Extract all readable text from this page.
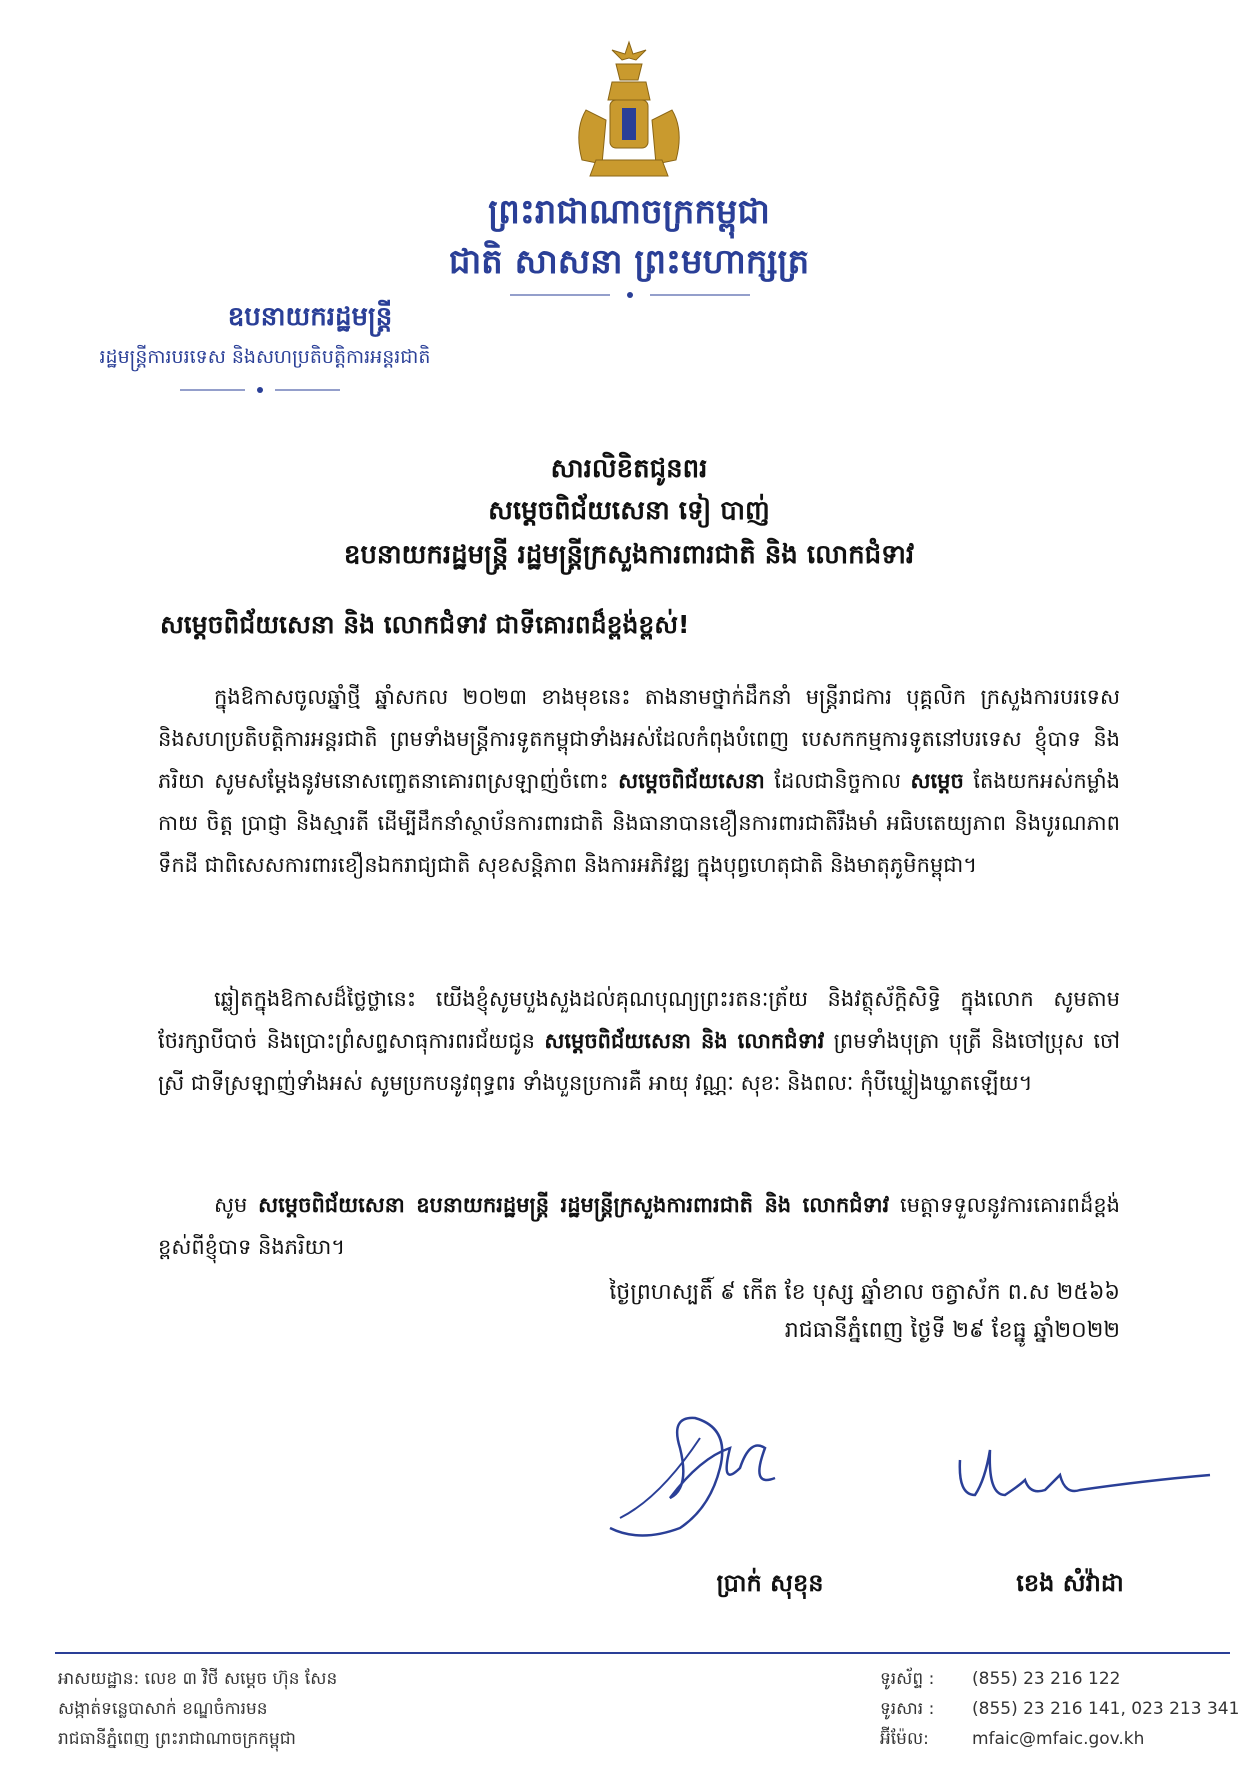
ព្រះរាជាណាចក្រកម្ពុជា
ជាតិ សាសនា ព្រះមហាក្សត្រ
ឧបនាយករដ្ឋមន្ត្រី
រដ្ឋមន្ត្រីការបរទេស និងសហប្រតិបត្តិការអន្តរជាតិ
សារលិខិតជូនពរ
សម្តេចពិជ័យសេនា ទៀ បាញ់
ឧបនាយករដ្ឋមន្ត្រី រដ្ឋមន្ត្រីក្រសួងការពារជាតិ និង លោកជំទាវ
សម្តេចពិជ័យសេនា និង លោកជំទាវ ជាទីគោរពដ៏ខ្ពង់ខ្ពស់!
ក្នុងឱកាសចូលឆ្នាំថ្មី ឆ្នាំសកល ២០២៣ ខាងមុខនេះ តាងនាមថ្នាក់ដឹកនាំ មន្ត្រីរាជការ បុគ្គលិក ក្រសួងការបរទេស និងសហប្រតិបត្តិការអន្តរជាតិ ព្រមទាំងមន្ត្រីការទូតកម្ពុជាទាំងអស់ដែលកំពុងបំពេញ បេសកកម្មការទូតនៅបរទេស ខ្ញុំបាទ និងភរិយា សូមសម្តែងនូវមនោសញ្ចេតនាគោរពស្រឡាញ់ចំពោះ សម្តេចពិជ័យសេនា ដែលជានិច្ចកាល សម្តេច តែងយកអស់កម្លាំងកាយ ចិត្ត ប្រាជ្ញា និងស្មារតី ដើម្បីដឹកនាំស្ថាប័នការពារជាតិ និងធានាបានខឿនការពារជាតិរឹងមាំ អធិបតេយ្យភាព និងបូរណភាពទឹកដី ជាពិសេសការពារខឿនឯករាជ្យជាតិ សុខសន្តិភាព និងការអភិវឌ្ឍ ក្នុងបុព្វហេតុជាតិ និងមាតុភូមិកម្ពុជា។
ឆ្លៀតក្នុងឱកាសដ៏ថ្លៃថ្លានេះ យើងខ្ញុំសូមបួងសួងដល់គុណបុណ្យព្រះរតនៈត្រ័យ និងវត្ថុស័ក្តិសិទ្ធិ ក្នុងលោក សូមតាមថែរក្សាបីបាច់ និងប្រោះព្រំសព្ទសាធុការពរជ័យជូន សម្តេចពិជ័យសេនា និង លោកជំទាវ ព្រមទាំងបុត្រា បុត្រី និងចៅប្រុស ចៅស្រី ជាទីស្រឡាញ់ទាំងអស់ សូមប្រកបនូវពុទ្ធពរ ទាំងបួនប្រការគឺ អាយុ វណ្ណៈ សុខៈ និងពលៈ កុំបីឃ្លៀងឃ្លាតឡើយ។
សូម សម្តេចពិជ័យសេនា ឧបនាយករដ្ឋមន្ត្រី រដ្ឋមន្ត្រីក្រសួងការពារជាតិ និង លោកជំទាវ មេត្តាទទួលនូវការគោរពដ៏ខ្ពង់ខ្ពស់ពីខ្ញុំបាទ និងភរិយា។
ថ្ងៃព្រហស្បតិ៍ ៩ កើត ខែ បុស្ស ឆ្នាំខាល ចត្វាស័ក ព.ស ២៥៦៦
រាជធានីភ្នំពេញ ថ្ងៃទី ២៩ ខែធ្នូ ឆ្នាំ២០២២
ប្រាក់ សុខុន	ខេង សំវ៉ាដា
អាសយដ្ឋាន: លេខ ៣ វិថី សម្តេច ហ៊ុន សែន
សង្កាត់ទន្លេបាសាក់ ខណ្ឌចំការមន
រាជធានីភ្នំពេញ ព្រះរាជាណាចក្រកម្ពុជា
ទូរស័ព្ទ : (855) 23 216 122
ទូរសារ : (855) 23 216 141, 023 213 341
អ៊ីម៉ែល:	mfaic@mfaic.gov.kh
